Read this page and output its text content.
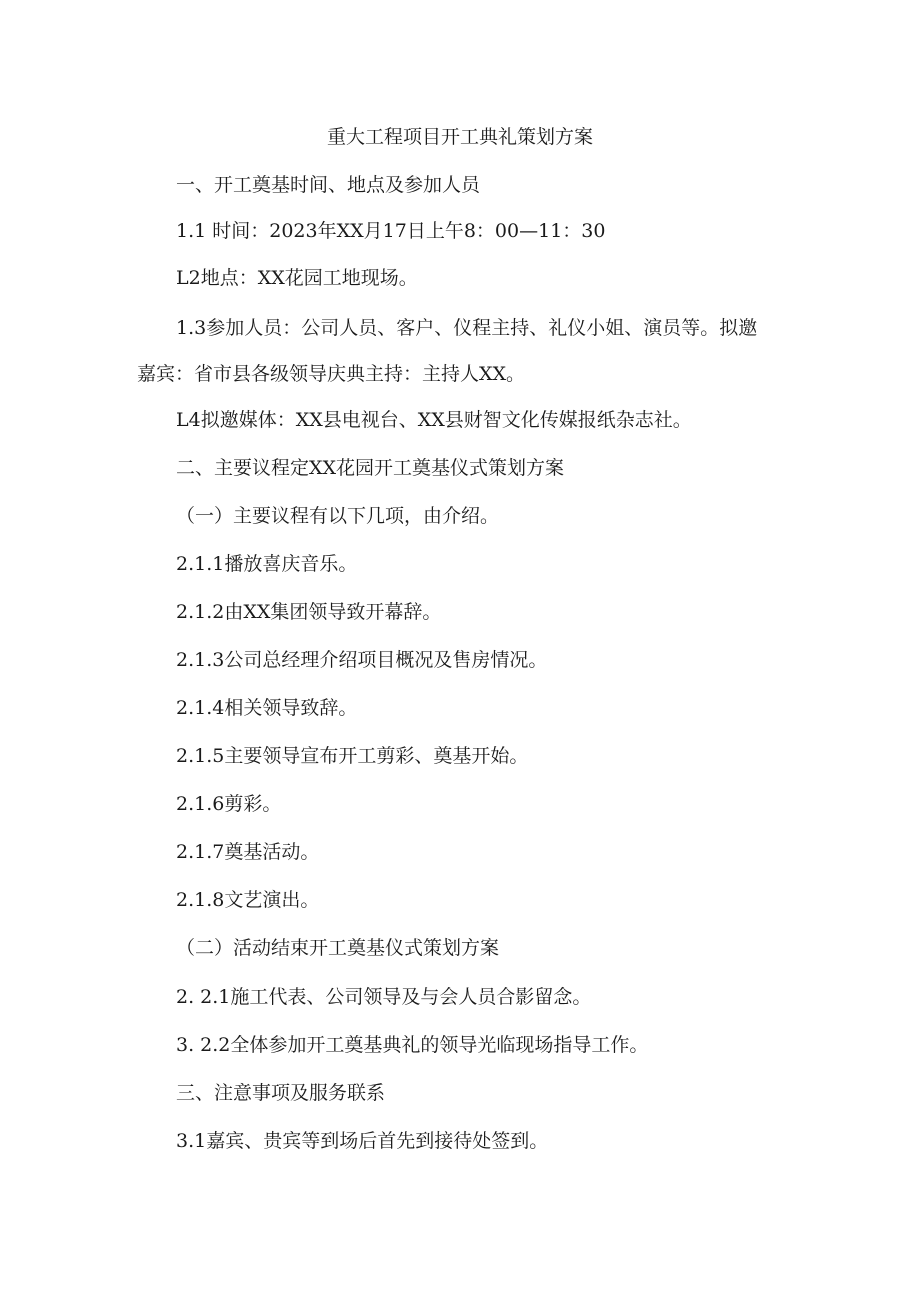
重大工程项目开工典礼策划方案
一、开工奠基时间、地点及参加人员
1.1 时间：2023年XX月17日上午8：00—11：30
L2地点：XX花园工地现场。
1.3参加人员：公司人员、客户、仪程主持、礼仪小姐、演员等。拟邀
嘉宾：省市县各级领导庆典主持：主持人XX。
L4拟邀媒体：XX县电视台、XX县财智文化传媒报纸杂志社。
二、主要议程定XX花园开工奠基仪式策划方案
（一）主要议程有以下几项，由介绍。
2.1.1播放喜庆音乐。
2.1.2由XX集团领导致开幕辞。
2.1.3公司总经理介绍项目概况及售房情况。
2.1.4相关领导致辞。
2.1.5主要领导宣布开工剪彩、奠基开始。
2.1.6剪彩。
2.1.7奠基活动。
2.1.8文艺演出。
（二）活动结束开工奠基仪式策划方案
2. 2.1施工代表、公司领导及与会人员合影留念。
3. 2.2全体参加开工奠基典礼的领导光临现场指导工作。
三、注意事项及服务联系
3.1嘉宾、贵宾等到场后首先到接待处签到。
